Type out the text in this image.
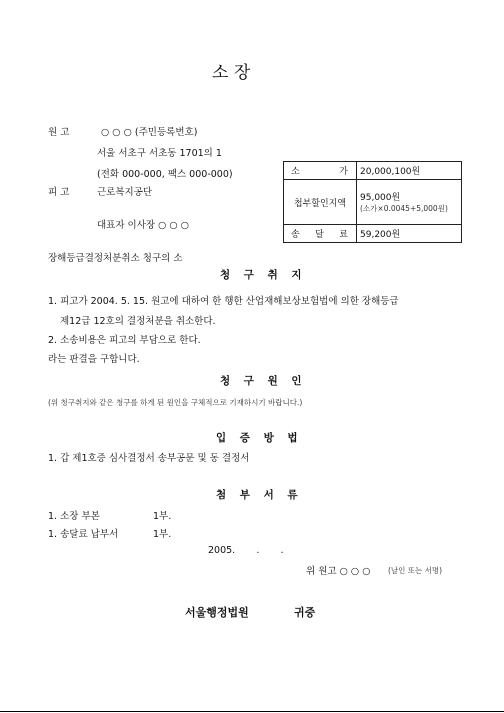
소 장
원 고	○ ○ ○ (주민등록번호)
서울 서초구 서초동 1701의 1
(전화 000-000, 팩스 000-000)
피 고	근로복지공단
대표자 이사장 ○ ○ ○
소 가	20,000,100원
첩부할인지액	95,000원
(소가×0.0045+5,000원)

송 달 료	59,200원
장해등급결정처분취소 청구의 소
청 구 취 지
1. 피고가 2004. 5. 15. 원고에 대하여 한 행한 산업재해보상보험법에 의한 장해등급
제12급 12호의 결정처분을 취소한다.
2. 소송비용은 피고의 부담으로 한다.
라는 판결을 구합니다.
청 구 원 인
(위 청구취지와 같은 청구를 하게 된 원인을 구체적으로 기재하시기 바랍니다.)
입 증 방 법
1. 갑 제1호증 심사결정서 송부공문 및 동 결정서
첨 부 서 류
1. 소장 부본	1부.
1. 송달료 납부서	1부.
2005.       .       .
위 원고 ○ ○ ○ (날인 또는 서명)
서울행정법원	귀중
